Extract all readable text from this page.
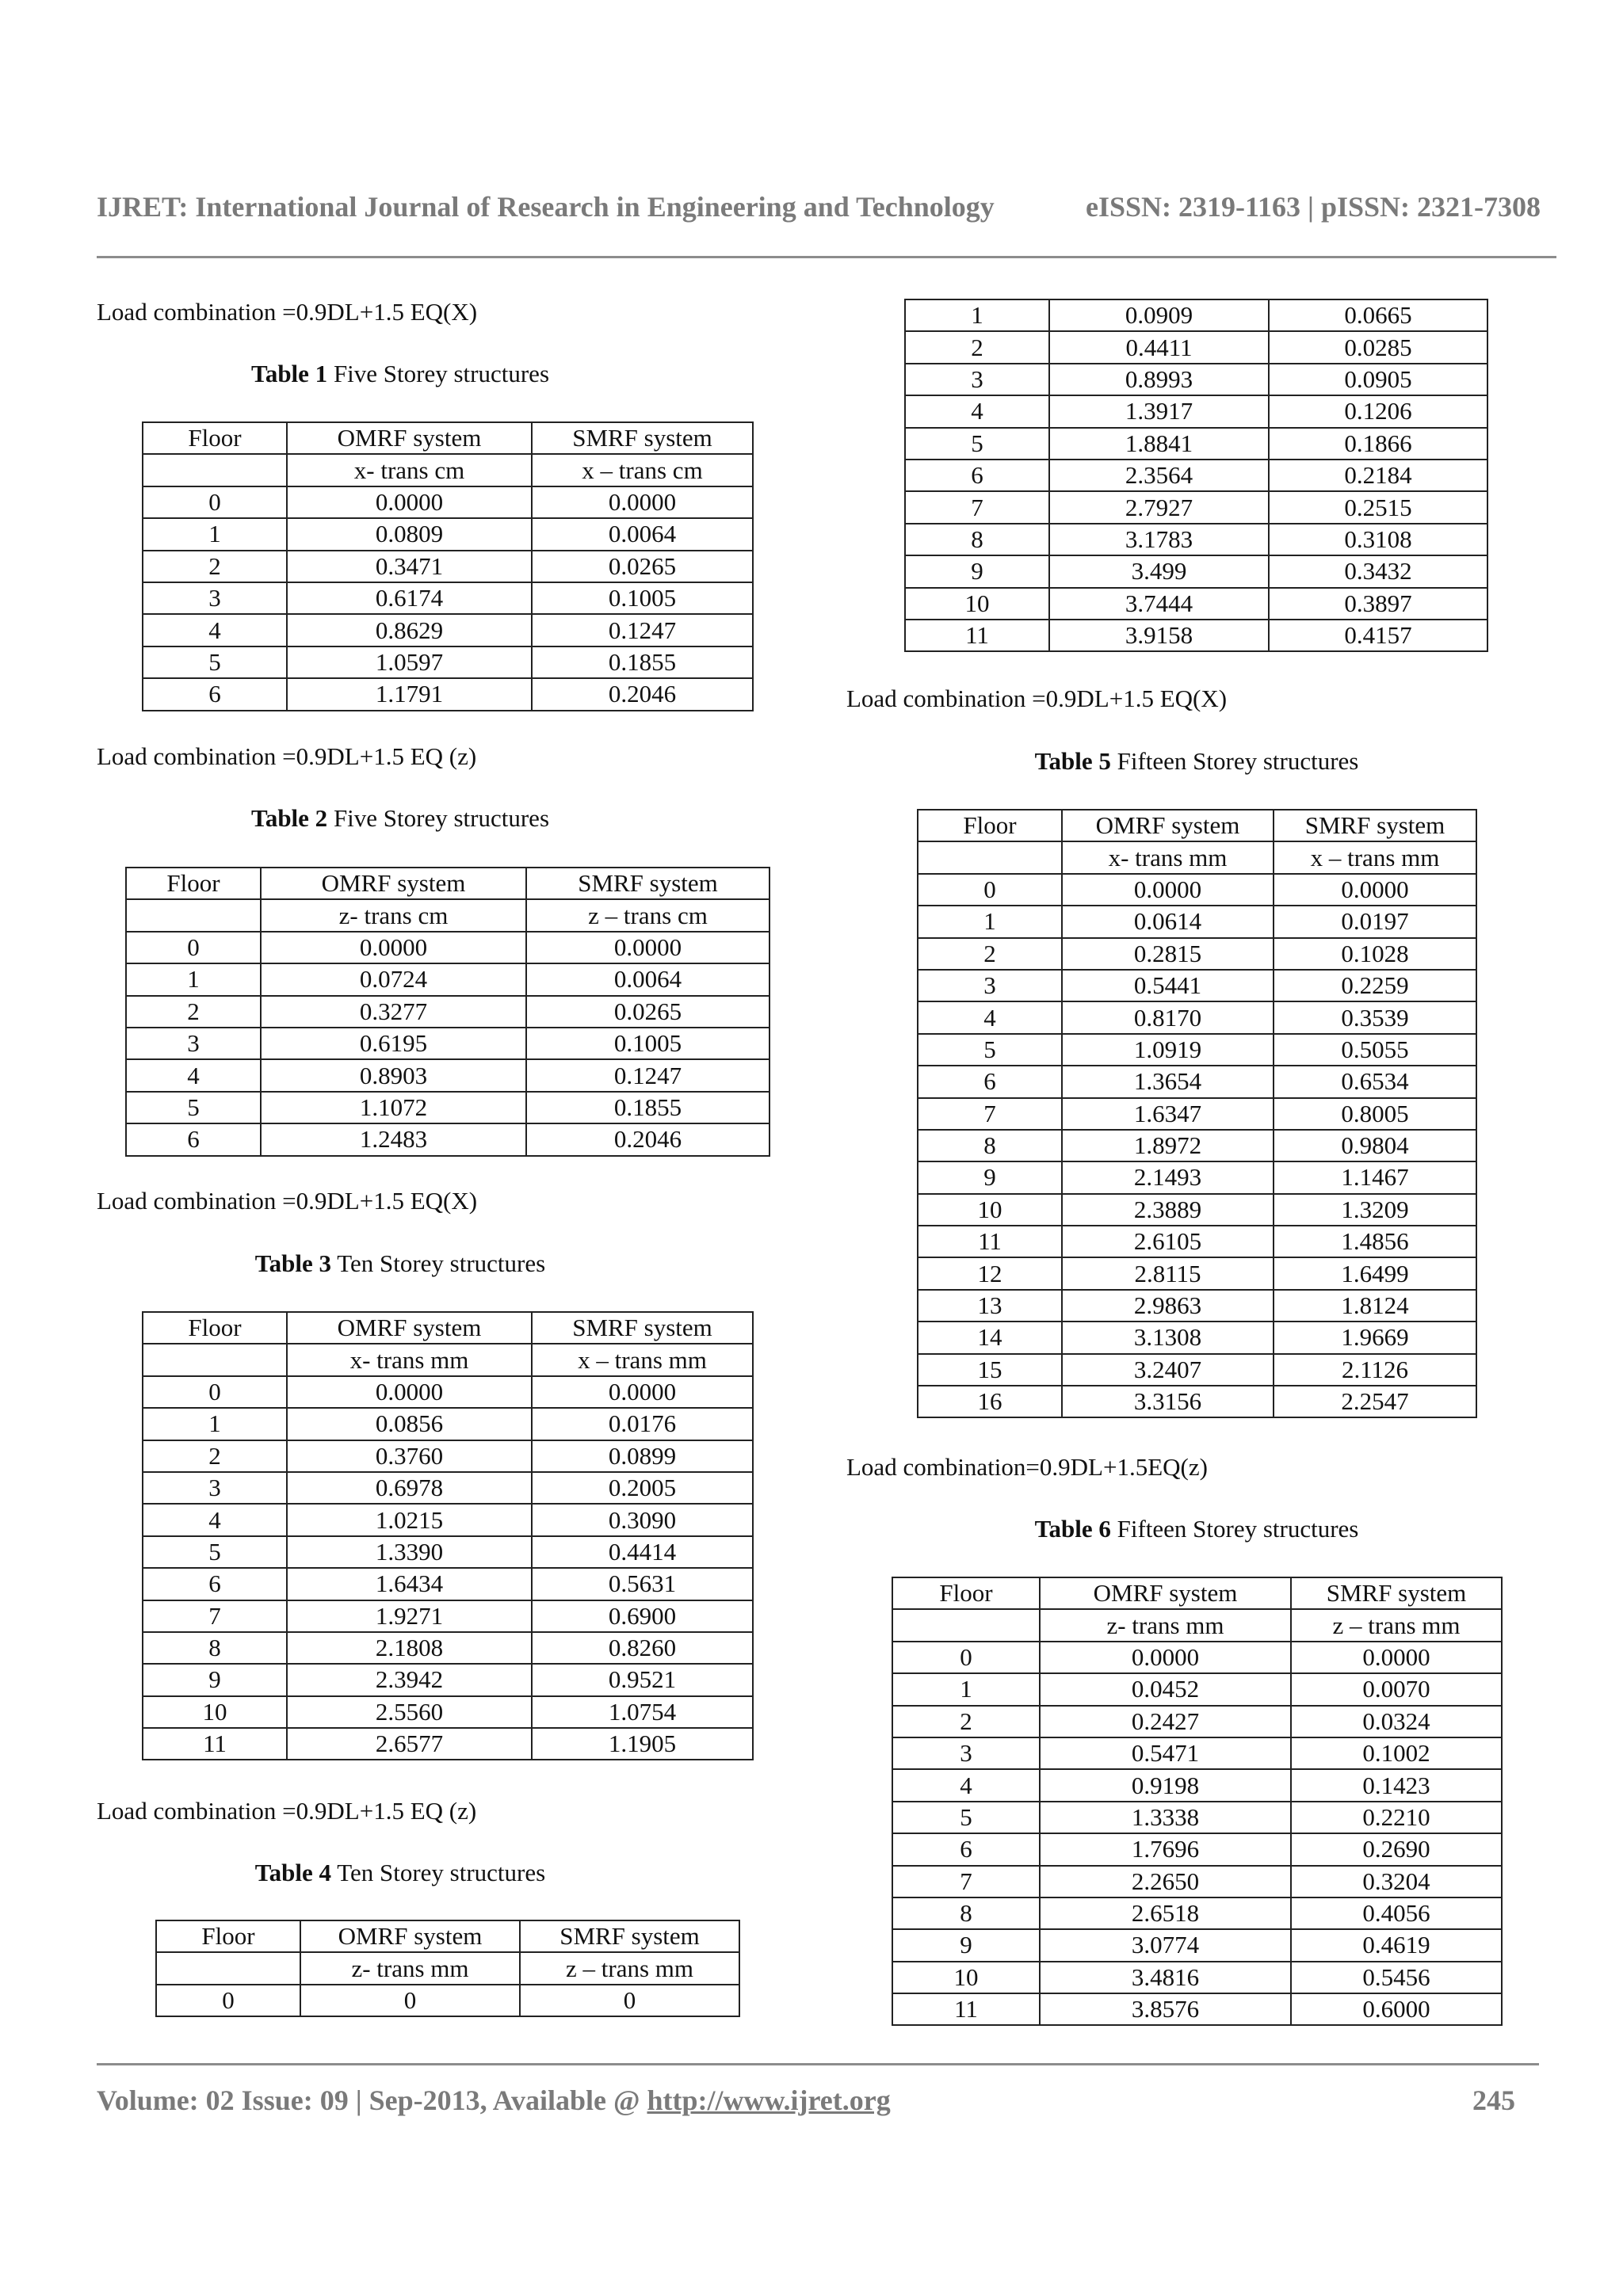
IJRET: International Journal of Research in Engineering and Technology	eISSN: 2319-1163 | pISSN: 2321-7308
Load combination =0.9DL+1.5 EQ(X)
Table 1 Five Storey structures
Floor	OMRF system	SMRF system
	x- trans cm	x – trans cm
0	0.0000	0.0000
1	0.0809	0.0064
2	0.3471	0.0265
3	0.6174	0.1005
4	0.8629	0.1247
5	1.0597	0.1855
6	1.1791	0.2046
Load combination =0.9DL+1.5 EQ (z)
Table 2 Five Storey structures
Floor	OMRF system	SMRF system
	z- trans cm	z – trans cm
0	0.0000	0.0000
1	0.0724	0.0064
2	0.3277	0.0265
3	0.6195	0.1005
4	0.8903	0.1247
5	1.1072	0.1855
6	1.2483	0.2046
Load combination =0.9DL+1.5 EQ(X)
Table 3 Ten Storey structures
Floor	OMRF system	SMRF system
	x- trans mm	x – trans mm
0	0.0000	0.0000
1	0.0856	0.0176
2	0.3760	0.0899
3	0.6978	0.2005
4	1.0215	0.3090
5	1.3390	0.4414
6	1.6434	0.5631
7	1.9271	0.6900
8	2.1808	0.8260
9	2.3942	0.9521
10	2.5560	1.0754
11	2.6577	1.1905
Load combination =0.9DL+1.5 EQ (z)
Table 4 Ten Storey structures
Floor	OMRF system	SMRF system
	z- trans mm	z – trans mm
0	0	0
1	0.0909	0.0665
2	0.4411	0.0285
3	0.8993	0.0905
4	1.3917	0.1206
5	1.8841	0.1866
6	2.3564	0.2184
7	2.7927	0.2515
8	3.1783	0.3108
9	3.499	0.3432
10	3.7444	0.3897
11	3.9158	0.4157
Load combination =0.9DL+1.5 EQ(X)
Table 5 Fifteen Storey structures
Floor	OMRF system	SMRF system
	x- trans mm	x – trans mm
0	0.0000	0.0000
1	0.0614	0.0197
2	0.2815	0.1028
3	0.5441	0.2259
4	0.8170	0.3539
5	1.0919	0.5055
6	1.3654	0.6534
7	1.6347	0.8005
8	1.8972	0.9804
9	2.1493	1.1467
10	2.3889	1.3209
11	2.6105	1.4856
12	2.8115	1.6499
13	2.9863	1.8124
14	3.1308	1.9669
15	3.2407	2.1126
16	3.3156	2.2547
Load combination=0.9DL+1.5EQ(z)
Table 6 Fifteen Storey structures
Floor	OMRF system	SMRF system
	z- trans mm	z – trans mm
0	0.0000	0.0000
1	0.0452	0.0070
2	0.2427	0.0324
3	0.5471	0.1002
4	0.9198	0.1423
5	1.3338	0.2210
6	1.7696	0.2690
7	2.2650	0.3204
8	2.6518	0.4056
9	3.0774	0.4619
10	3.4816	0.5456
11	3.8576	0.6000
Volume: 02 Issue: 09 | Sep-2013, Available @ http://www.ijret.org	245
